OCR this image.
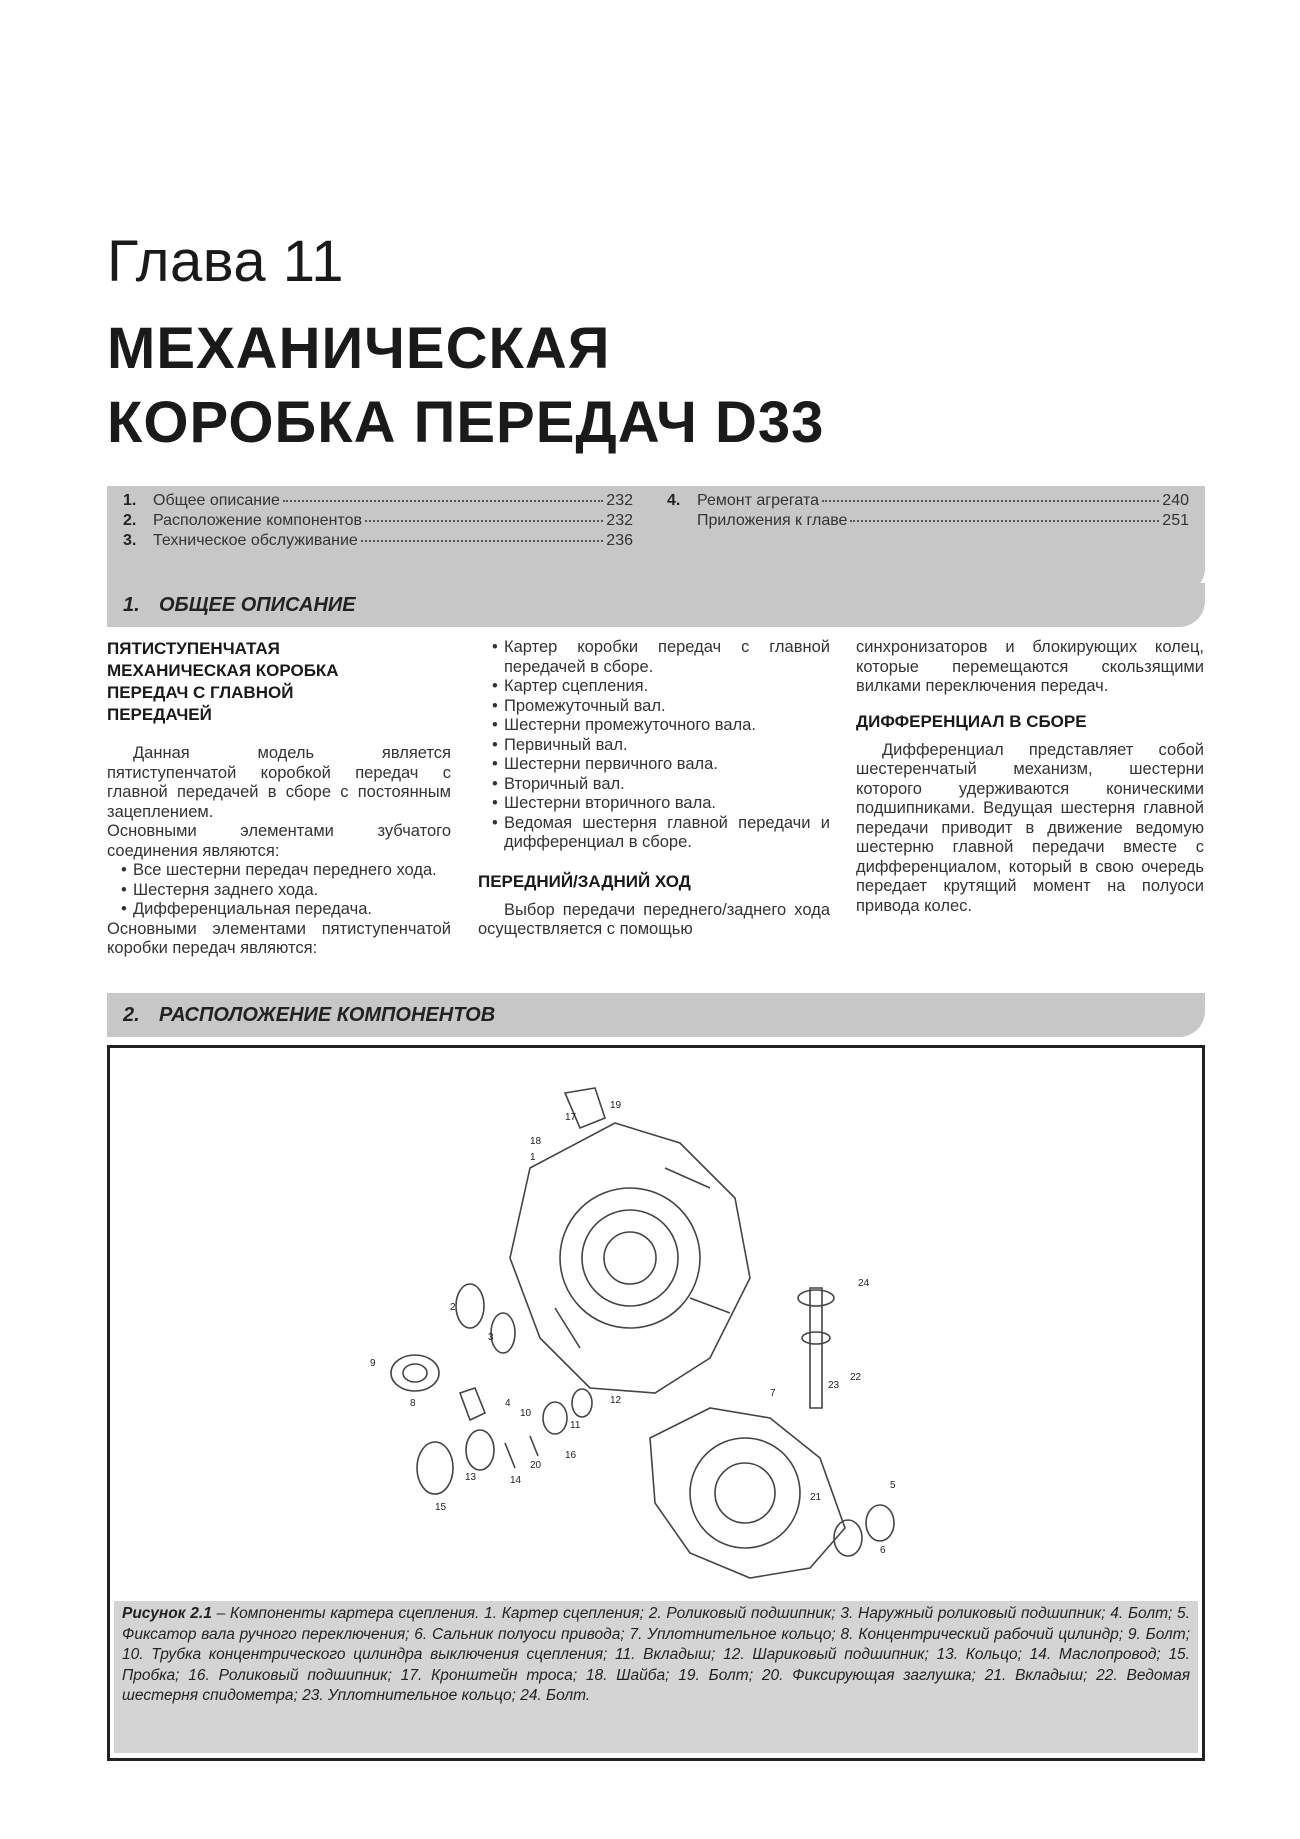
Глава 11
МЕХАНИЧЕСКАЯ
КОРОБКА ПЕРЕДАЧ D33
1.	Общее описание	232
2.	Расположение компонентов	232
3.	Техническое обслуживание	236
4.	Ремонт агрегата	240
Приложения к главе	251
1. ОБЩЕЕ ОПИСАНИЕ

ПЯТИСТУПЕНЧАТАЯ МЕХАНИЧЕСКАЯ КОРОБКА ПЕРЕДАЧ С ГЛАВНОЙ ПЕРЕДАЧЕЙ

Данная модель является пятиступенчатой коробкой передач с главной передачей в сборе с постоянным зацеплением.

Основными элементами зубчатого соединения являются:

• Все шестерни передач переднего хода.

• Шестерня заднего хода.

• Дифференциальная передача.

Основными элементами пятиступенчатой коробки передач являются:

• Картер коробки передач с главной передачей в сборе.

• Картер сцепления.

• Промежуточный вал.

• Шестерни промежуточного вала.

• Первичный вал.

• Шестерни первичного вала.

• Вторичный вал.

• Шестерни вторичного вала.

• Ведомая шестерня главной передачи и дифференциал в сборе.

ПЕРЕДНИЙ/ЗАДНИЙ ХОД

Выбор передачи переднего/заднего хода осуществляется с помощью

синхронизаторов и блокирующих колец, которые перемещаются скользящими вилками переключения передач.

ДИФФЕРЕНЦИАЛ В СБОРЕ

Дифференциал представляет собой шестеренчатый механизм, шестерни которого удерживаются коническими подшипниками. Ведущая шестерня главной передачи приводит в движение ведомую шестерню главной передачи вместе с дифференциалом, который в свою очередь передает крутящий момент на полуоси привода колес.

2. РАСПОЛОЖЕНИЕ КОМПОНЕНТОВ
1
2
3
4
5
6
7
8
9
10
11
12
13	14
15
16
17
18
19
20
21
22
23
24
Рисунок 2.1 – Компоненты картера сцепления. 1. Картер сцепления; 2. Роликовый подшипник; 3. Наружный роликовый подшипник; 4. Болт; 5. Фиксатор вала ручного переключения; 6. Сальник полуоси привода; 7. Уплотнительное кольцо; 8. Концентрический рабочий цилиндр; 9. Болт; 10. Трубка концентрического цилиндра выключения сцепления; 11. Вкладыш; 12. Шариковый подшипник; 13. Кольцо; 14. Маслопровод; 15. Пробка; 16. Роликовый подшипник; 17. Кронштейн троса; 18. Шайба; 19. Болт; 20. Фиксирующая заглушка; 21. Вкладыш; 22. Ведомая шестерня спидометра; 23. Уплотнительное кольцо; 24. Болт.
